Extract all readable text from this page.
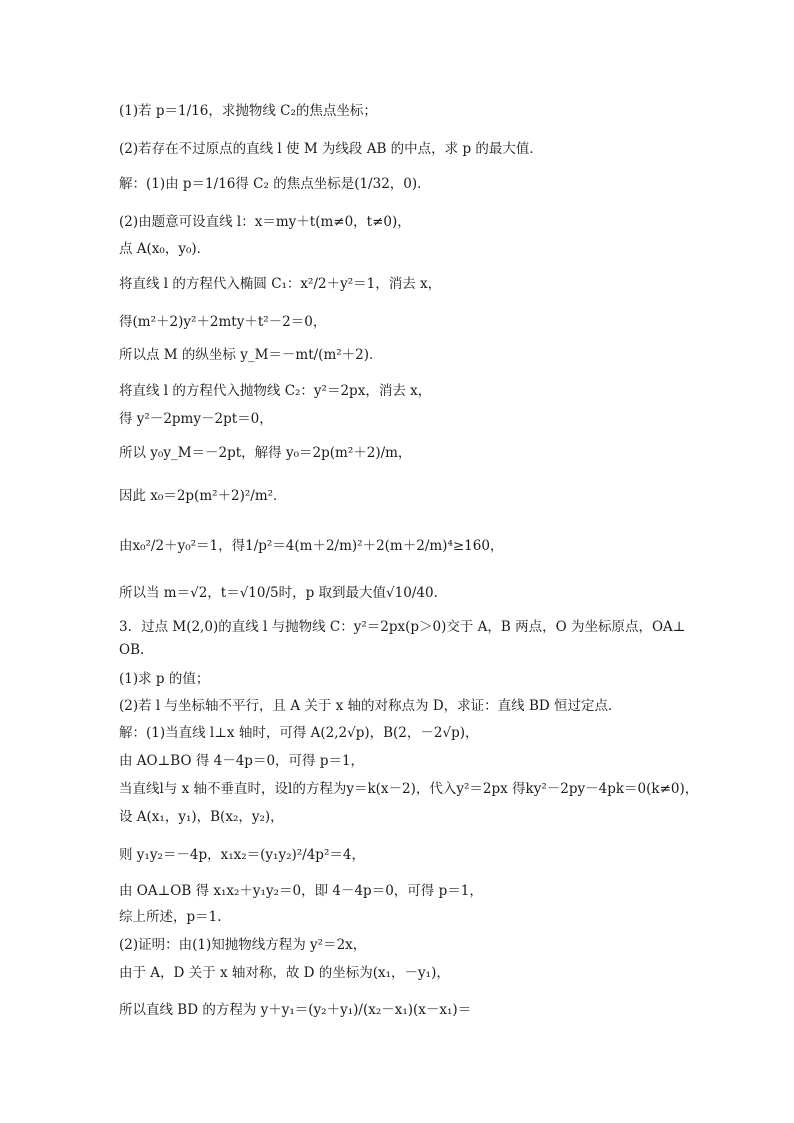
(1)若 p＝1/16，求抛物线 C₂的焦点坐标；
(2)若存在不过原点的直线 l 使 M 为线段 AB 的中点，求 p 的最大值．
解：(1)由 p＝1/16得 C₂ 的焦点坐标是(1/32，0)．
(2)由题意可设直线 l：x＝my＋t(m≠0，t≠0)，
点 A(x₀，y₀)．
将直线 l 的方程代入椭圆 C₁：x²/2＋y²＝1，消去 x，
得(m²＋2)y²＋2mty＋t²－2＝0，
所以点 M 的纵坐标 y_M＝－mt/(m²＋2)．
将直线 l 的方程代入抛物线 C₂：y²＝2px，消去 x，
得 y²－2pmy－2pt＝0，
所以 y₀y_M＝－2pt，解得 y₀＝2p(m²＋2)/m，
因此 x₀＝2p(m²＋2)²/m²．
由x₀²/2＋y₀²＝1，得1/p²＝4(m＋2/m)²＋2(m＋2/m)⁴≥160，
所以当 m＝√2，t＝√10/5时，p 取到最大值√10/40．
3．过点 M(2,0)的直线 l 与抛物线 C：y²＝2px(p＞0)交于 A，B 两点，O 为坐标原点，OA⊥
OB.
(1)求 p 的值；
(2)若 l 与坐标轴不平行，且 A 关于 x 轴的对称点为 D，求证：直线 BD 恒过定点．
解：(1)当直线 l⊥x 轴时，可得 A(2,2√p)，B(2，－2√p)，
由 AO⊥BO 得 4－4p＝0，可得 p＝1，
当直线l与 x 轴不垂直时，设l的方程为y＝k(x－2)，代入y²＝2px 得ky²－2py－4pk＝0(k≠0)，
设 A(x₁，y₁)，B(x₂，y₂)，
则 y₁y₂＝－4p，x₁x₂＝(y₁y₂)²/4p²＝4，
由 OA⊥OB 得 x₁x₂＋y₁y₂＝0，即 4－4p＝0，可得 p＝1，
综上所述，p＝1.
(2)证明：由(1)知抛物线方程为 y²＝2x，
由于 A，D 关于 x 轴对称，故 D 的坐标为(x₁，－y₁)，
所以直线 BD 的方程为 y＋y₁＝(y₂＋y₁)/(x₂－x₁)(x－x₁)＝
